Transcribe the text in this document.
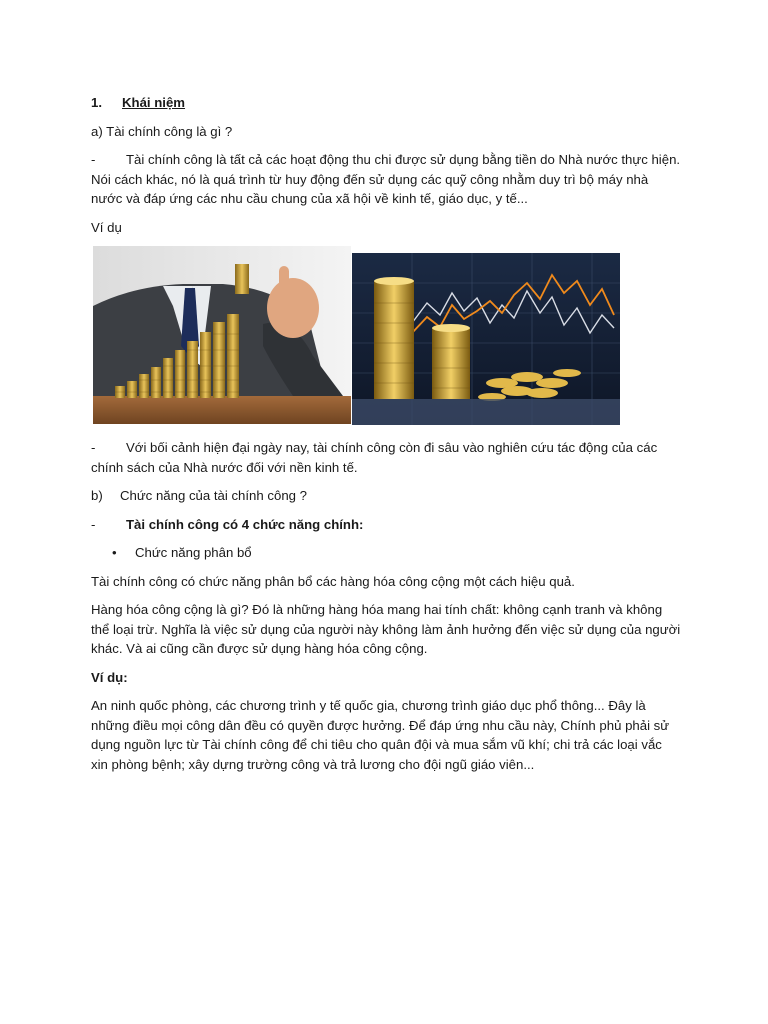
1. Khái niệm

a) Tài chính công là gì ?

- Tài chính công là tất cả các hoạt động thu chi được sử dụng bằng tiền do Nhà nước thực hiện. Nói cách khác, nó là quá trình từ huy động đến sử dụng các quỹ công nhằm duy trì bộ máy nhà nước và đáp ứng các nhu cầu chung của xã hội về kinh tế, giáo dục, y tế...

Ví dụ

- Với bối cảnh hiện đại ngày nay, tài chính công còn đi sâu vào nghiên cứu tác động của các chính sách của Nhà nước đối với nền kinh tế.

b) Chức năng của tài chính công ?

- Tài chính công có 4 chức năng chính:

• Chức năng phân bổ

Tài chính công có chức năng phân bổ các hàng hóa công cộng một cách hiệu quả.

Hàng hóa công cộng là gì? Đó là những hàng hóa mang hai tính chất: không cạnh tranh và không thể loại trừ. Nghĩa là việc sử dụng của người này không làm ảnh hưởng đến việc sử dụng của người khác. Và ai cũng cần được sử dụng hàng hóa công cộng.

Ví dụ:

An ninh quốc phòng, các chương trình y tế quốc gia, chương trình giáo dục phổ thông... Đây là những điều mọi công dân đều có quyền được hưởng. Để đáp ứng nhu cầu này, Chính phủ phải sử dụng nguồn lực từ Tài chính công để chi tiêu cho quân đội và mua sắm vũ khí; chi trả các loại vắc xin phòng bệnh; xây dựng trường công và trả lương cho đội ngũ giáo viên...
